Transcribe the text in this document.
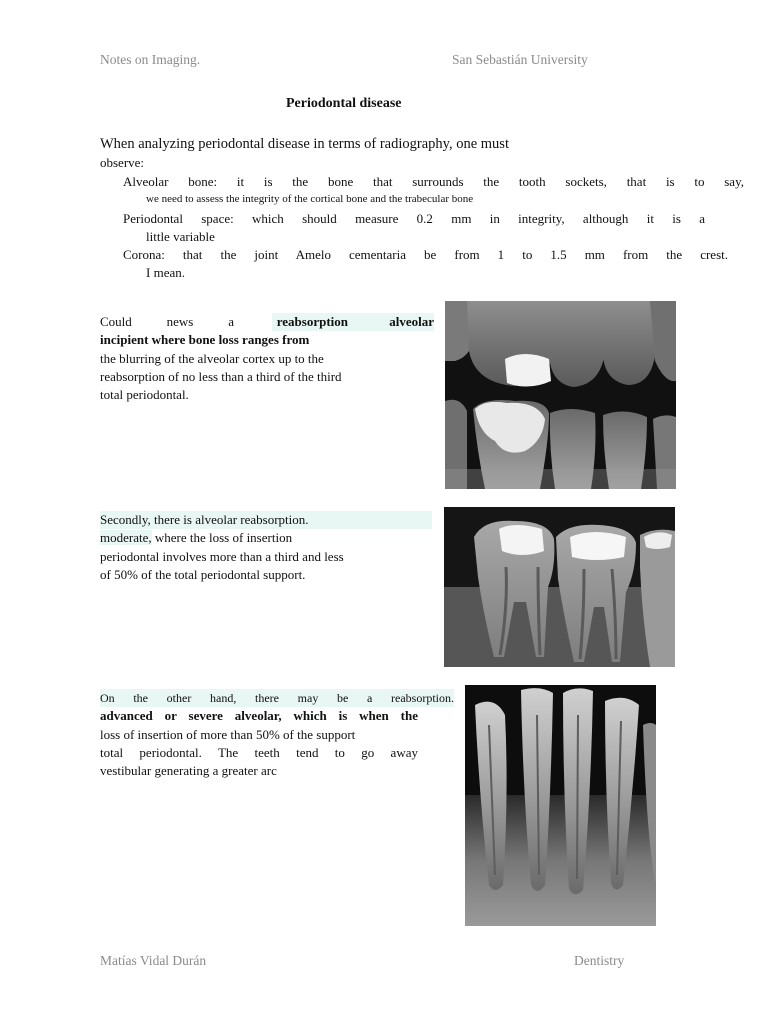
Notes on Imaging.	San Sebastián University
Periodontal disease
When analyzing periodontal disease in terms of radiography, one must
observe:
Alveolar bone: it is the bone that surrounds the tooth sockets, that is to say,
we need to assess the integrity of the cortical bone and the trabecular bone
Periodontal space: which should measure 0.2 mm in integrity, although it is a
little variable
Corona: that the joint Amelo cementaria be from 1 to 1.5 mm from the crest.
I mean.
Could	news	a	reabsorption alveolar
incipient where bone loss ranges from
the blurring of the alveolar cortex up to the
reabsorption of no less than a third of the third
total periodontal.
Secondly, there is alveolar reabsorption.
moderate, where the loss of insertion
periodontal involves more than a third and less
of 50% of the total periodontal support.
On the other hand, there may be a reabsorption.
advanced or severe alveolar, which is when the
loss of insertion of more than 50% of the support
total periodontal. The teeth tend to go away
vestibular generating a greater arc
Matías Vidal Durán	Dentistry
